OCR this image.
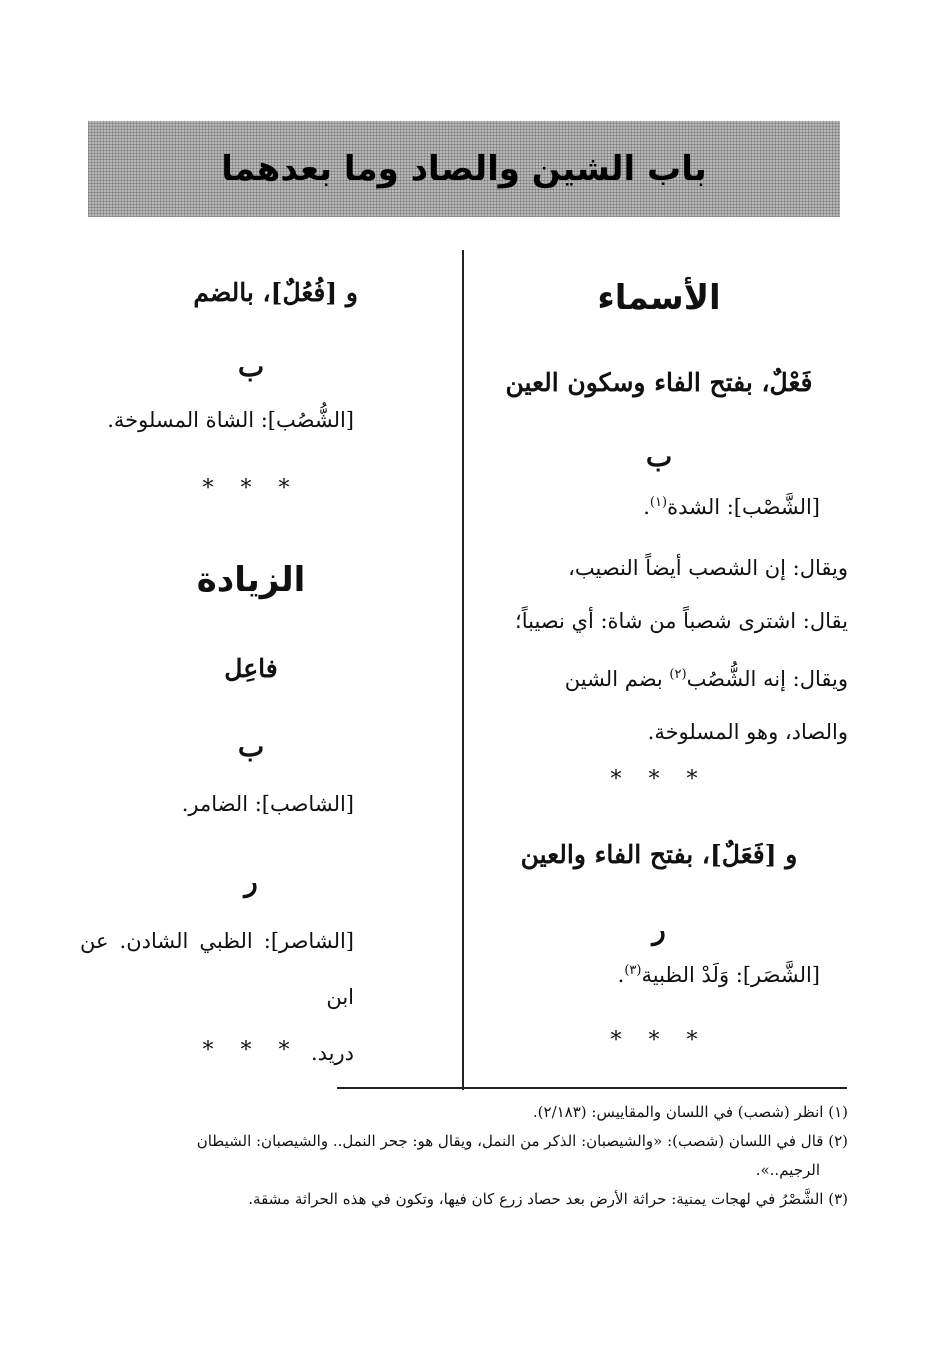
باب الشين والصاد وما بعدهما
الأسماء
فَعْلٌ، بفتح الفاء وسكون العين
ب
[الشَّصْب]: الشدة$^{(١)}$.
ويقال: إن الشصب أيضاً النصيب،
يقال: اشترى شصباً من شاة: أي نصيباً؛
ويقال: إنه الشُّصُب$^{(٢)}$ بضم الشين
والصاد، وهو المسلوخة.
* * *
و [فَعَلٌ]، بفتح الفاء والعين
ر
[الشَّصَر]: وَلَدْ الظبية$^{(٣)}$.
* * *
و [فُعُلٌ]، بالضم
ب
[الشُّصُب]: الشاة المسلوخة.
* * *
الزيادة
فاعِل
ب
[الشاصب]: الضامر.
ر
[الشاصر]: الظبي الشادن. عن ابن
دريد.
* * *

(١) انظر (شصب) في اللسان والمقاييس: (٢/١٨٣).

(٢) قال في اللسان (شصب): «والشيصبان: الذكر من النمل، ويقال هو: جحر النمل.. والشيصبان: الشيطان

الرجيم..».

(٣) الشَّصْرُ في لهجات يمنية: حراثة الأرض بعد حصاد زرع كان فيها، وتكون في هذه الحراثة مشقة.
